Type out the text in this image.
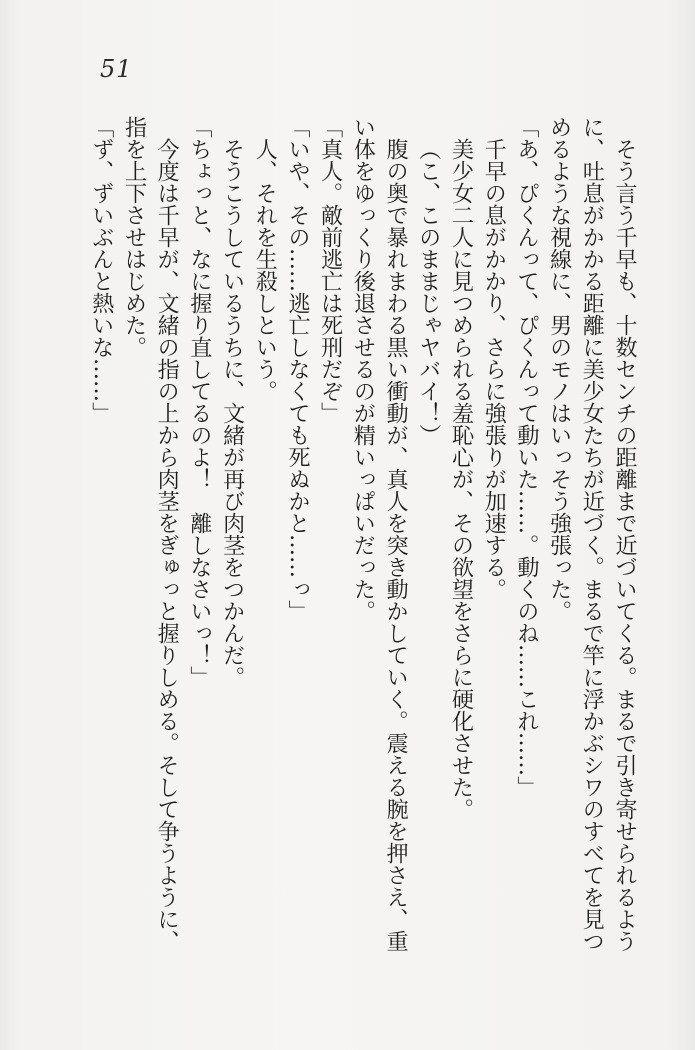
51

そう言う千早も、十数センチの距離まで近づいてくる。まるで引き寄せられるよう

に、吐息がかかる距離に美少女たちが近づく。まるで竿に浮かぶシワのすべてを見つ

めるような視線に、男のモノはいっそう強張った。

「あ、ぴくんって、ぴくんって動いた……。動くのね……これ……」

千早の息がかかり、さらに強張りが加速する。

美少女二人に見つめられる羞恥心が、その欲望をさらに硬化させた。

（こ、このままじゃヤバイ！）

腹の奥で暴れまわる黒い衝動が、真人を突き動かしていく。震える腕を押さえ、重

い体をゆっくり後退させるのが精いっぱいだった。

「真人。敵前逃亡は死刑だぞ」

「いや、その……逃亡しなくても死ぬかと……っ」

人、それを生殺しという。

そうこうしているうちに、文緒が再び肉茎をつかんだ。

「ちょっと、なに握り直してるのよ！　離しなさいっ！」

今度は千早が、文緒の指の上から肉茎をぎゅっと握りしめる。そして争うように、

指を上下させはじめた。

「ず、ずいぶんと熱いな……」
